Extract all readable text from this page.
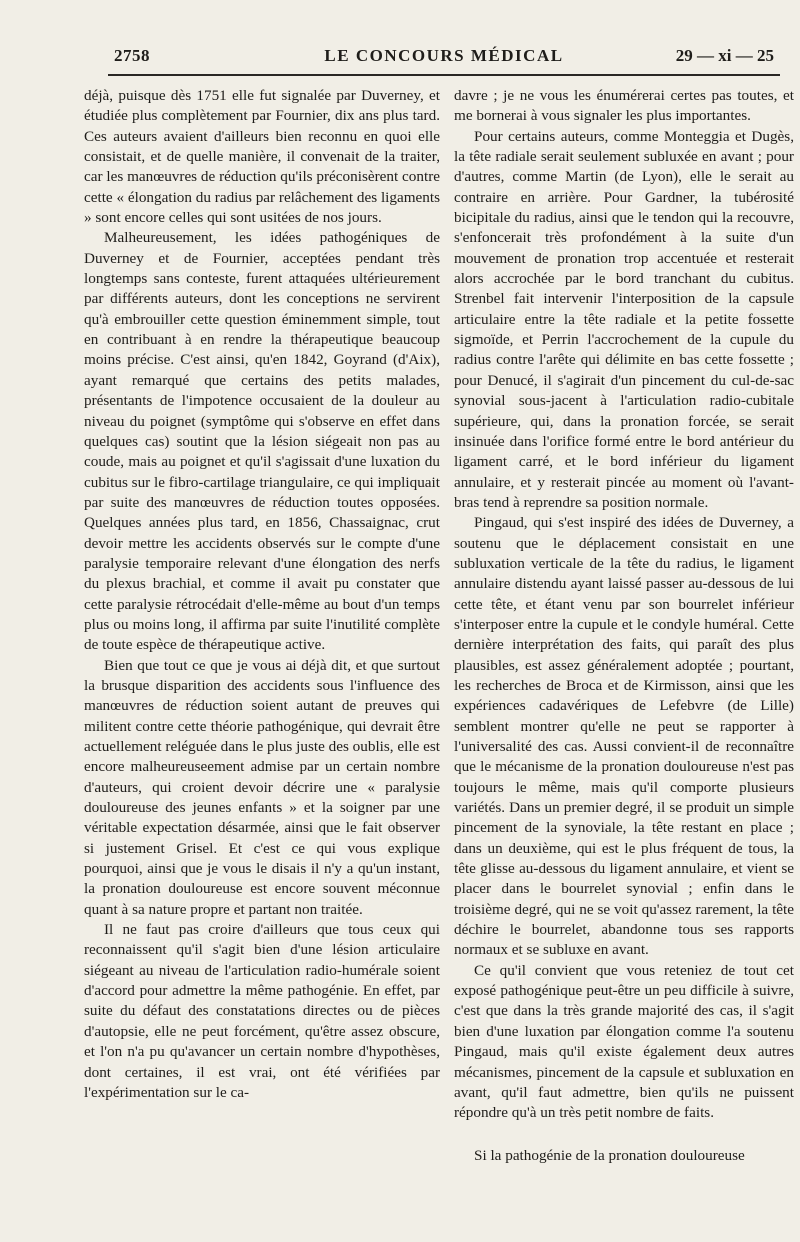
2758	LE CONCOURS MÉDICAL	29 — xi — 25

déjà, puisque dès 1751 elle fut signalée par Duverney, et étudiée plus complètement par Fournier, dix ans plus tard. Ces auteurs avaient d'ailleurs bien reconnu en quoi elle consistait, et de quelle manière, il convenait de la traiter, car les manœuvres de réduction qu'ils préconisèrent contre cette « élongation du radius par relâchement des ligaments » sont encore celles qui sont usitées de nos jours.

Malheureusement, les idées pathogéniques de Duverney et de Fournier, acceptées pendant très longtemps sans conteste, furent attaquées ultérieurement par différents auteurs, dont les conceptions ne servirent qu'à embrouiller cette question éminemment simple, tout en contribuant à en rendre la thérapeutique beaucoup moins précise. C'est ainsi, qu'en 1842, Goyrand (d'Aix), ayant remarqué que certains des petits malades, présentants de l'impotence occusaient de la douleur au niveau du poignet (symptôme qui s'observe en effet dans quelques cas) soutint que la lésion siégeait non pas au coude, mais au poignet et qu'il s'agissait d'une luxation du cubitus sur le fibro-cartilage triangulaire, ce qui impliquait par suite des manœuvres de réduction toutes opposées. Quelques années plus tard, en 1856, Chassaignac, crut devoir mettre les accidents observés sur le compte d'une paralysie temporaire relevant d'une élongation des nerfs du plexus brachial, et comme il avait pu constater que cette paralysie rétrocédait d'elle-même au bout d'un temps plus ou moins long, il affirma par suite l'inutilité complète de toute espèce de thérapeutique active.

Bien que tout ce que je vous ai déjà dit, et que surtout la brusque disparition des accidents sous l'influence des manœuvres de réduction soient autant de preuves qui militent contre cette théorie pathogénique, qui devrait être actuellement reléguée dans le plus juste des oublis, elle est encore malheureuseement admise par un certain nombre d'auteurs, qui croient devoir décrire une « paralysie douloureuse des jeunes enfants » et la soigner par une véritable expectation désarmée, ainsi que le fait observer si justement Grisel. Et c'est ce qui vous explique pourquoi, ainsi que je vous le disais il n'y a qu'un instant, la pronation douloureuse est encore souvent méconnue quant à sa nature propre et partant non traitée.

Il ne faut pas croire d'ailleurs que tous ceux qui reconnaissent qu'il s'agit bien d'une lésion articulaire siégeant au niveau de l'articulation radio-humérale soient d'accord pour admettre la même pathogénie. En effet, par suite du défaut des constatations directes ou de pièces d'autopsie, elle ne peut forcément, qu'être assez obscure, et l'on n'a pu qu'avancer un certain nombre d'hypothèses, dont certaines, il est vrai, ont été vérifiées par l'expérimentation sur le ca-

davre ; je ne vous les énumérerai certes pas toutes, et me bornerai à vous signaler les plus importantes.

Pour certains auteurs, comme Monteggia et Dugès, la tête radiale serait seulement subluxée en avant ; pour d'autres, comme Martin (de Lyon), elle le serait au contraire en arrière. Pour Gardner, la tubérosité bicipitale du radius, ainsi que le tendon qui la recouvre, s'enfoncerait très profondément à la suite d'un mouvement de pronation trop accentuée et resterait alors accrochée par le bord tranchant du cubitus. Strenbel fait intervenir l'interposition de la capsule articulaire entre la tête radiale et la petite fossette sigmoïde, et Perrin l'accrochement de la cupule du radius contre l'arête qui délimite en bas cette fossette ; pour Denucé, il s'agirait d'un pincement du cul-de-sac synovial sous-jacent à l'articulation radio-cubitale supérieure, qui, dans la pronation forcée, se serait insinuée dans l'orifice formé entre le bord antérieur du ligament carré, et le bord inférieur du ligament annulaire, et y resterait pincée au moment où l'avant-bras tend à reprendre sa position normale.

Pingaud, qui s'est inspiré des idées de Duverney, a soutenu que le déplacement consistait en une subluxation verticale de la tête du radius, le ligament annulaire distendu ayant laissé passer au-dessous de lui cette tête, et étant venu par son bourrelet inférieur s'interposer entre la cupule et le condyle huméral. Cette dernière interprétation des faits, qui paraît des plus plausibles, est assez généralement adoptée ; pourtant, les recherches de Broca et de Kirmisson, ainsi que les expériences cadavériques de Lefebvre (de Lille) semblent montrer qu'elle ne peut se rapporter à l'universalité des cas. Aussi convient-il de reconnaître que le mécanisme de la pronation douloureuse n'est pas toujours le même, mais qu'il comporte plusieurs variétés. Dans un premier degré, il se produit un simple pincement de la synoviale, la tête restant en place ; dans un deuxième, qui est le plus fréquent de tous, la tête glisse au-dessous du ligament annulaire, et vient se placer dans le bourrelet synovial ; enfin dans le troisième degré, qui ne se voit qu'assez rarement, la tête déchire le bourrelet, abandonne tous ses rapports normaux et se subluxe en avant.

Ce qu'il convient que vous reteniez de tout cet exposé pathogénique peut-être un peu difficile à suivre, c'est que dans la très grande majorité des cas, il s'agit bien d'une luxation par élongation comme l'a soutenu Pingaud, mais qu'il existe également deux autres mécanismes, pincement de la capsule et subluxation en avant, qu'il faut admettre, bien qu'ils ne puissent répondre qu'à un très petit nombre de faits.

Si la pathogénie de la pronation douloureuse
